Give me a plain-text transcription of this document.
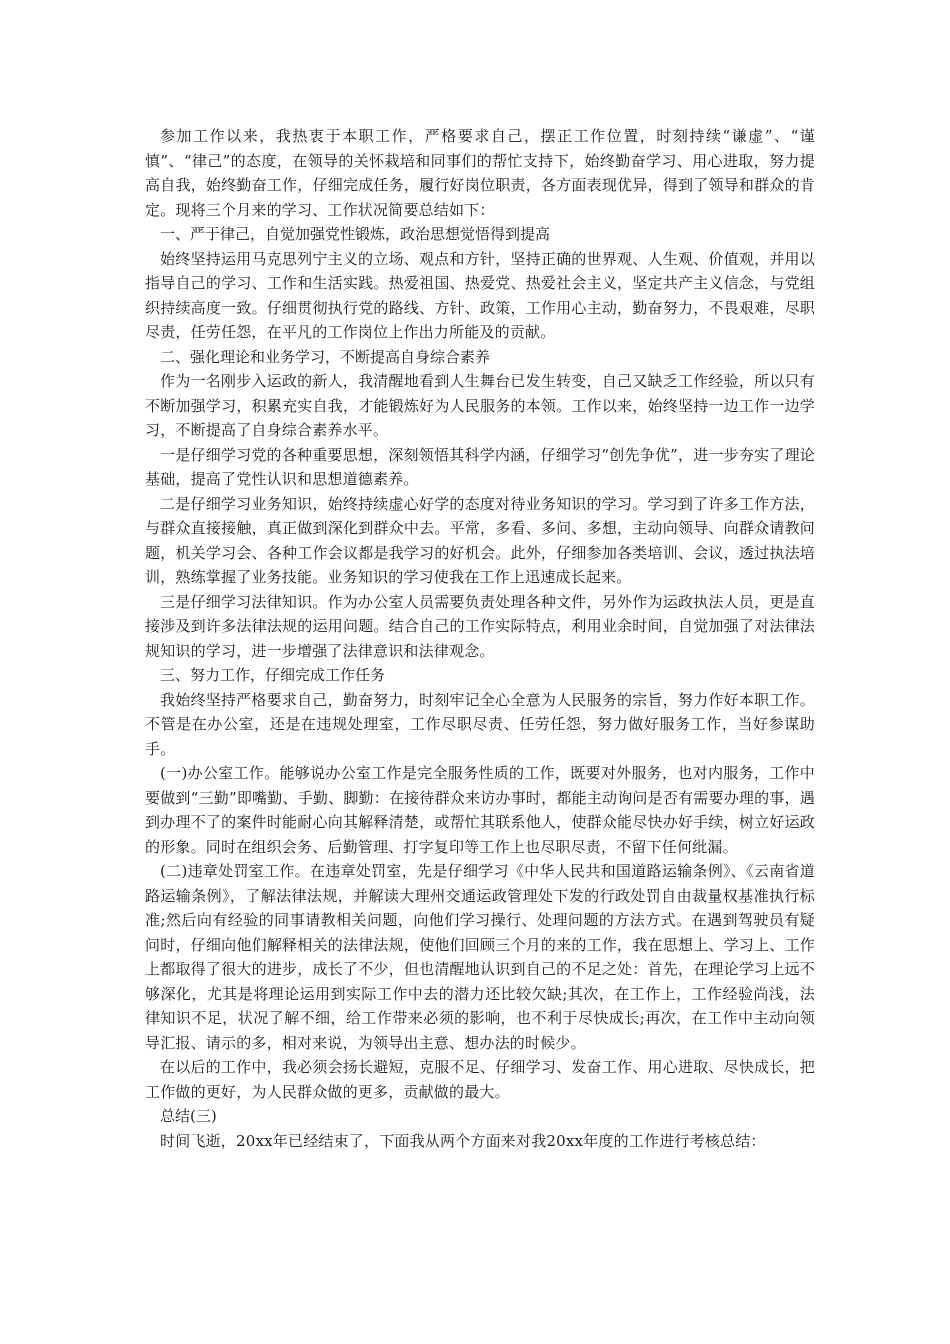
参加工作以来，我热衷于本职工作，严格要求自己，摆正工作位置，时刻持续“谦虚”、“谨慎”、“律己”的态度，在领导的关怀栽培和同事们的帮忙支持下，始终勤奋学习、用心进取，努力提高自我，始终勤奋工作，仔细完成任务，履行好岗位职责，各方面表现优异，得到了领导和群众的肯定。现将三个月来的学习、工作状况简要总结如下：

一、严于律己，自觉加强党性锻炼，政治思想觉悟得到提高

始终坚持运用马克思列宁主义的立场、观点和方针，坚持正确的世界观、人生观、价值观，并用以指导自己的学习、工作和生活实践。热爱祖国、热爱党、热爱社会主义，坚定共产主义信念，与党组织持续高度一致。仔细贯彻执行党的路线、方针、政策，工作用心主动，勤奋努力，不畏艰难，尽职尽责，任劳任怨，在平凡的工作岗位上作出力所能及的贡献。

二、强化理论和业务学习，不断提高自身综合素养

作为一名刚步入运政的新人，我清醒地看到人生舞台已发生转变，自己又缺乏工作经验，所以只有不断加强学习，积累充实自我，才能锻炼好为人民服务的本领。工作以来，始终坚持一边工作一边学习，不断提高了自身综合素养水平。

一是仔细学习党的各种重要思想，深刻领悟其科学内涵，仔细学习“创先争优”，进一步夯实了理论基础，提高了党性认识和思想道德素养。

二是仔细学习业务知识，始终持续虚心好学的态度对待业务知识的学习。学习到了许多工作方法，与群众直接接触，真正做到深化到群众中去。平常，多看、多问、多想，主动向领导、向群众请教问题，机关学习会、各种工作会议都是我学习的好机会。此外，仔细参加各类培训、会议，透过执法培训，熟练掌握了业务技能。业务知识的学习使我在工作上迅速成长起来。

三是仔细学习法律知识。作为办公室人员需要负责处理各种文件，另外作为运政执法人员，更是直接涉及到许多法律法规的运用问题。结合自己的工作实际特点，利用业余时间，自觉加强了对法律法规知识的学习，进一步增强了法律意识和法律观念。

三、努力工作，仔细完成工作任务

我始终坚持严格要求自己，勤奋努力，时刻牢记全心全意为人民服务的宗旨，努力作好本职工作。不管是在办公室，还是在违规处理室，工作尽职尽责、任劳任怨，努力做好服务工作，当好参谋助手。

(一)办公室工作。能够说办公室工作是完全服务性质的工作，既要对外服务，也对内服务，工作中要做到“三勤”即嘴勤、手勤、脚勤：在接待群众来访办事时，都能主动询问是否有需要办理的事，遇到办理不了的案件时能耐心向其解释清楚，或帮忙其联系他人，使群众能尽快办好手续，树立好运政的形象。同时在组织会务、后勤管理、打字复印等工作上也尽职尽责，不留下任何纰漏。

(二)违章处罚室工作。在违章处罚室，先是仔细学习《中华人民共和国道路运输条例》、《云南省道路运输条例》，了解法律法规，并解读大理州交通运政管理处下发的行政处罚自由裁量权基准执行标准;然后向有经验的同事请教相关问题，向他们学习操行、处理问题的方法方式。在遇到驾驶员有疑问时，仔细向他们解释相关的法律法规，使他们回顾三个月的来的工作，我在思想上、学习上、工作上都取得了很大的进步，成长了不少，但也清醒地认识到自己的不足之处：首先，在理论学习上远不够深化，尤其是将理论运用到实际工作中去的潜力还比较欠缺;其次，在工作上，工作经验尚浅，法律知识不足，状况了解不细，给工作带来必须的影响，也不利于尽快成长;再次，在工作中主动向领导汇报、请示的多，相对来说，为领导出主意、想办法的时候少。

在以后的工作中，我必须会扬长避短，克服不足、仔细学习、发奋工作、用心进取、尽快成长，把工作做的更好，为人民群众做的更多，贡献做的最大。

总结(三)

时间飞逝，20xx年已经结束了，下面我从两个方面来对我20xx年度的工作进行考核总结：
